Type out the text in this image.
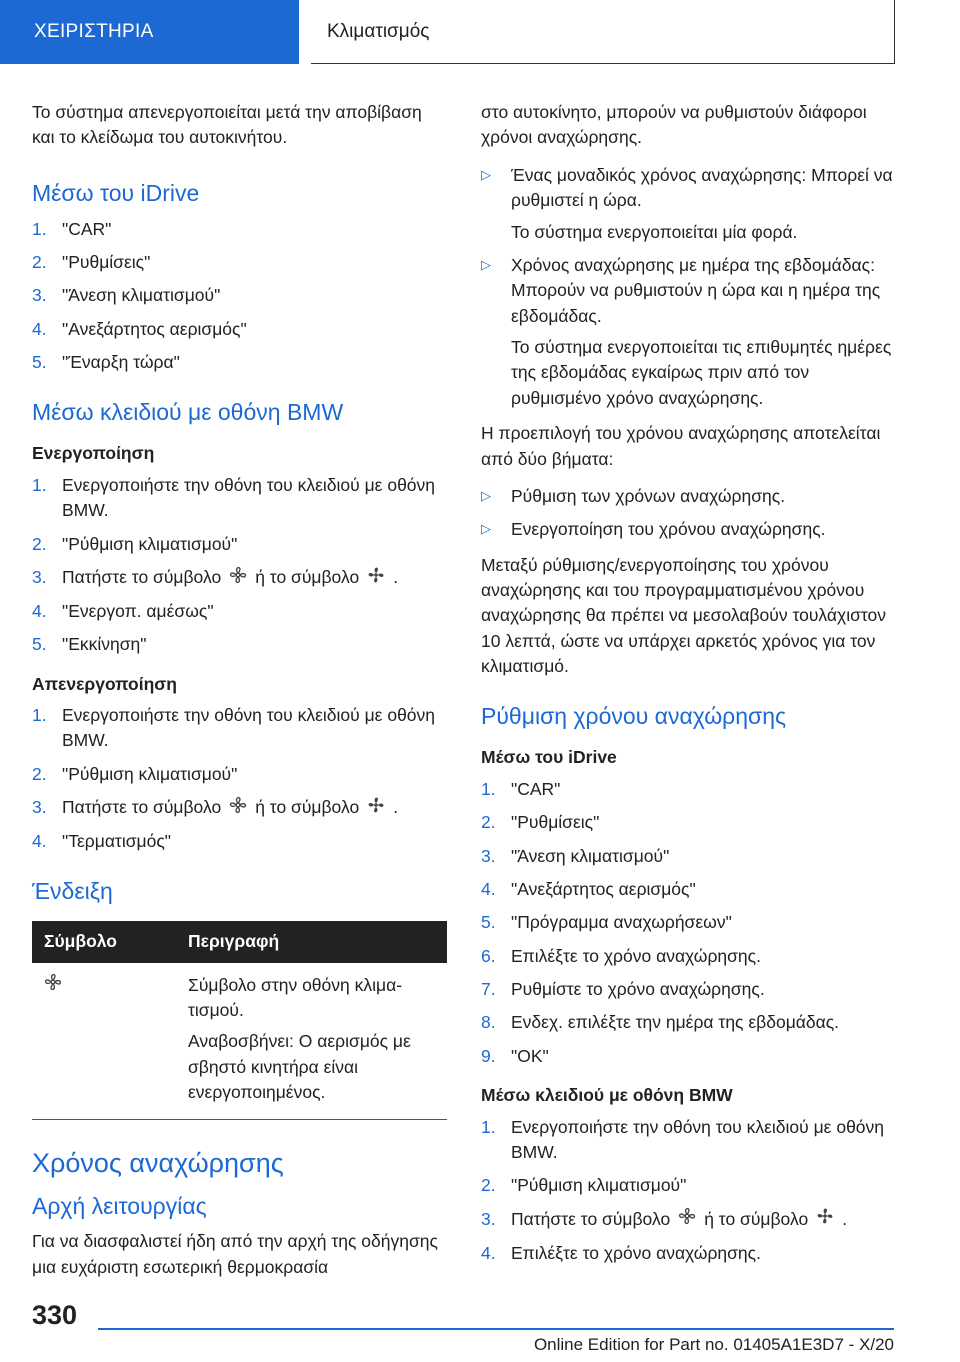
ΧΕΙΡΙΣΤΗΡΙΑ	Κλιματισμός

Το σύστημα απενεργοποιείται μετά την αποβίβαση και το κλείδωμα του αυτοκινήτου.

Μέσω του iDrive
1. "CAR"
2. "Ρυθμίσεις"
3. "Άνεση κλιματισμού"
4. "Ανεξάρτητος αερισμός"
5. "Έναρξη τώρα"
Μέσω κλειδιού με οθόνη BMW
Ενεργοποίηση
1. Ενεργοποιήστε την οθόνη του κλειδιού με οθόνη BMW.
2. "Ρύθμιση κλιματισμού"
3. Πατήστε το σύμβολο ή το σύμβολο .
4. "Ενεργοπ. αμέσως"
5. "Εκκίνηση"
Απενεργοποίηση
1. Ενεργοποιήστε την οθόνη του κλειδιού με οθόνη BMW.
2. "Ρύθμιση κλιματισμού"
3. Πατήστε το σύμβολο ή το σύμβολο .
4. "Τερματισμός"
Ένδειξη
Σύμβολο	Περιγραφή

Σύμβολο στην οθόνη κλιματισμού.
Αναβοσβήνει: Ο αερισμός με σβηστό κινητήρα είναι ενεργοποιημένος.
Χρόνος αναχώρησης
Αρχή λειτουργίας

Για να διασφαλιστεί ήδη από την αρχή της οδήγησης μια ευχάριστη εσωτερική θερμοκρασία

στο αυτοκίνητο, μπορούν να ρυθμιστούν διάφοροι χρόνοι αναχώρησης.

▷	Ένας μοναδικός χρόνος αναχώρησης: Μπορεί να ρυθμιστεί η ώρα.
Το σύστημα ενεργοποιείται μία φορά.
▷	Χρόνος αναχώρησης με ημέρα της εβδομάδας: Μπορούν να ρυθμιστούν η ώρα και η ημέρα της εβδομάδας.
Το σύστημα ενεργοποιείται τις επιθυμητές ημέρες της εβδομάδας εγκαίρως πριν από τον ρυθμισμένο χρόνο αναχώρησης.

Η προεπιλογή του χρόνου αναχώρησης αποτελείται από δύο βήματα:

▷	Ρύθμιση των χρόνων αναχώρησης.
▷	Ενεργοποίηση του χρόνου αναχώρησης.

Μεταξύ ρύθμισης/ενεργοποίησης του χρόνου αναχώρησης και του προγραμματισμένου χρόνου αναχώρησης θα πρέπει να μεσολαβούν τουλάχιστον 10 λεπτά, ώστε να υπάρχει αρκετός χρόνος για τον κλιματισμό.

Ρύθμιση χρόνου αναχώρησης
Μέσω του iDrive
1. "CAR"
2. "Ρυθμίσεις"
3. "Άνεση κλιματισμού"
4. "Ανεξάρτητος αερισμός"
5. "Πρόγραμμα αναχωρήσεων"
6. Επιλέξτε το χρόνο αναχώρησης.
7. Ρυθμίστε το χρόνο αναχώρησης.
8. Ενδεχ. επιλέξτε την ημέρα της εβδομάδας.
9. "OK"
Μέσω κλειδιού με οθόνη BMW
1. Ενεργοποιήστε την οθόνη του κλειδιού με οθόνη BMW.
2. "Ρύθμιση κλιματισμού"
3. Πατήστε το σύμβολο ή το σύμβολο .
4. Επιλέξτε το χρόνο αναχώρησης.
330
Online Edition for Part no. 01405A1E3D7 - X/20
